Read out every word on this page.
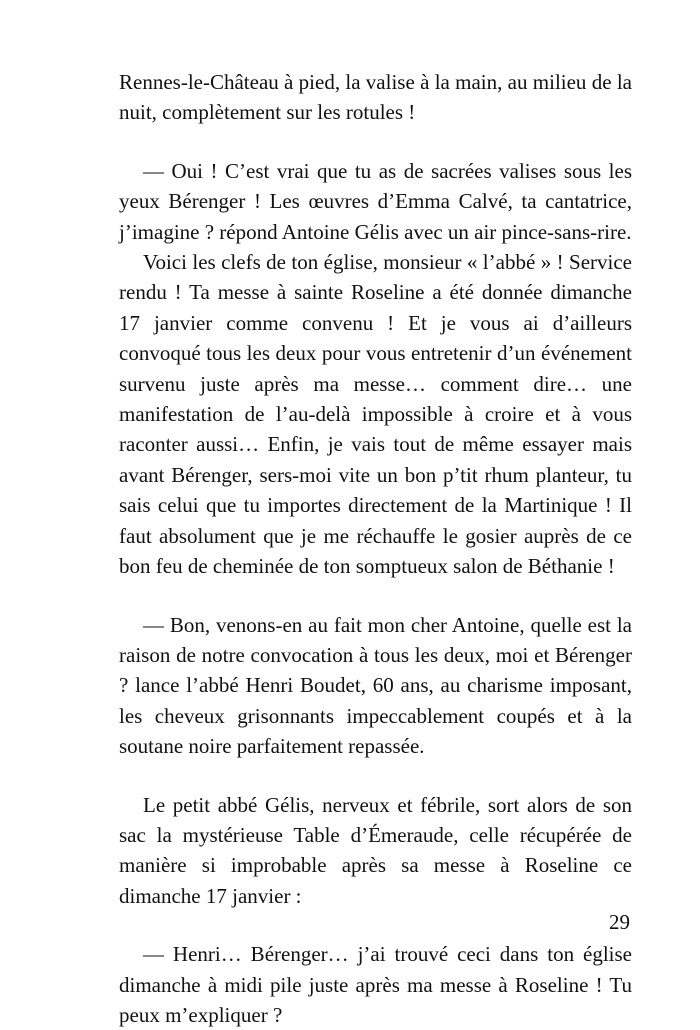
Rennes-le-Château à pied, la valise à la main, au milieu de la nuit, complètement sur les rotules !

— Oui ! C’est vrai que tu as de sacrées valises sous les yeux Bérenger ! Les œuvres d’Emma Calvé, ta cantatrice, j’imagine ? répond Antoine Gélis avec un air pince-sans-rire.

Voici les clefs de ton église, monsieur « l’abbé » ! Service rendu ! Ta messe à sainte Roseline a été donnée dimanche 17 janvier comme convenu ! Et je vous ai d’ailleurs convoqué tous les deux pour vous entretenir d’un événement survenu juste après ma messe… comment dire… une manifestation de l’au-delà impossible à croire et à vous raconter aussi… Enfin, je vais tout de même essayer mais avant Bérenger, sers-moi vite un bon p’tit rhum planteur, tu sais celui que tu importes directement de la Martinique ! Il faut absolument que je me réchauffe le gosier auprès de ce bon feu de cheminée de ton somptueux salon de Béthanie !

— Bon, venons-en au fait mon cher Antoine, quelle est la raison de notre convocation à tous les deux, moi et Bérenger ? lance l’abbé Henri Boudet, 60 ans, au charisme imposant, les cheveux grisonnants impeccablement coupés et à la soutane noire parfaitement repassée.

Le petit abbé Gélis, nerveux et fébrile, sort alors de son sac la mystérieuse Table d’Émeraude, celle récupérée de manière si improbable après sa messe à Roseline ce dimanche 17 janvier :

— Henri… Bérenger… j’ai trouvé ceci dans ton église dimanche à midi pile juste après ma messe à Roseline ! Tu peux m’expliquer ?

29
